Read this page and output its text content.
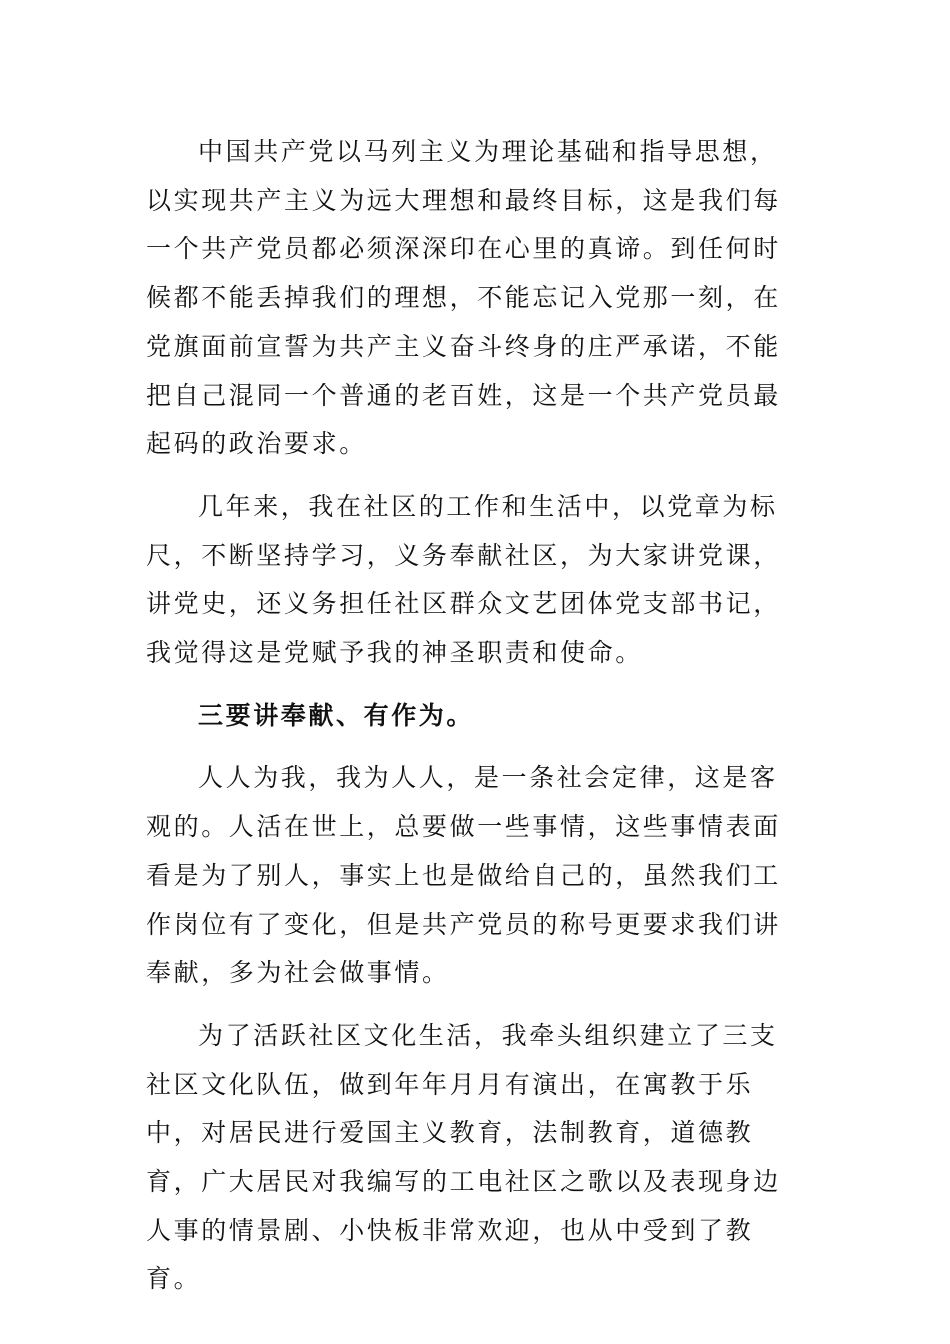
中国共产党以马列主义为理论基础和指导思想，以实现共产主义为远大理想和最终目标，这是我们每一个共产党员都必须深深印在心里的真谛。到任何时候都不能丢掉我们的理想，不能忘记入党那一刻，在党旗面前宣誓为共产主义奋斗终身的庄严承诺，不能把自己混同一个普通的老百姓，这是一个共产党员最起码的政治要求。

几年来，我在社区的工作和生活中，以党章为标尺，不断坚持学习，义务奉献社区，为大家讲党课，讲党史，还义务担任社区群众文艺团体党支部书记，我觉得这是党赋予我的神圣职责和使命。

三要讲奉献、有作为。

人人为我，我为人人，是一条社会定律，这是客观的。人活在世上，总要做一些事情，这些事情表面看是为了别人，事实上也是做给自己的，虽然我们工作岗位有了变化，但是共产党员的称号更要求我们讲奉献，多为社会做事情。

为了活跃社区文化生活，我牵头组织建立了三支社区文化队伍，做到年年月月有演出，在寓教于乐中，对居民进行爱国主义教育，法制教育，道德教育，广大居民对我编写的工电社区之歌以及表现身边人事的情景剧、小快板非常欢迎，也从中受到了教育。
